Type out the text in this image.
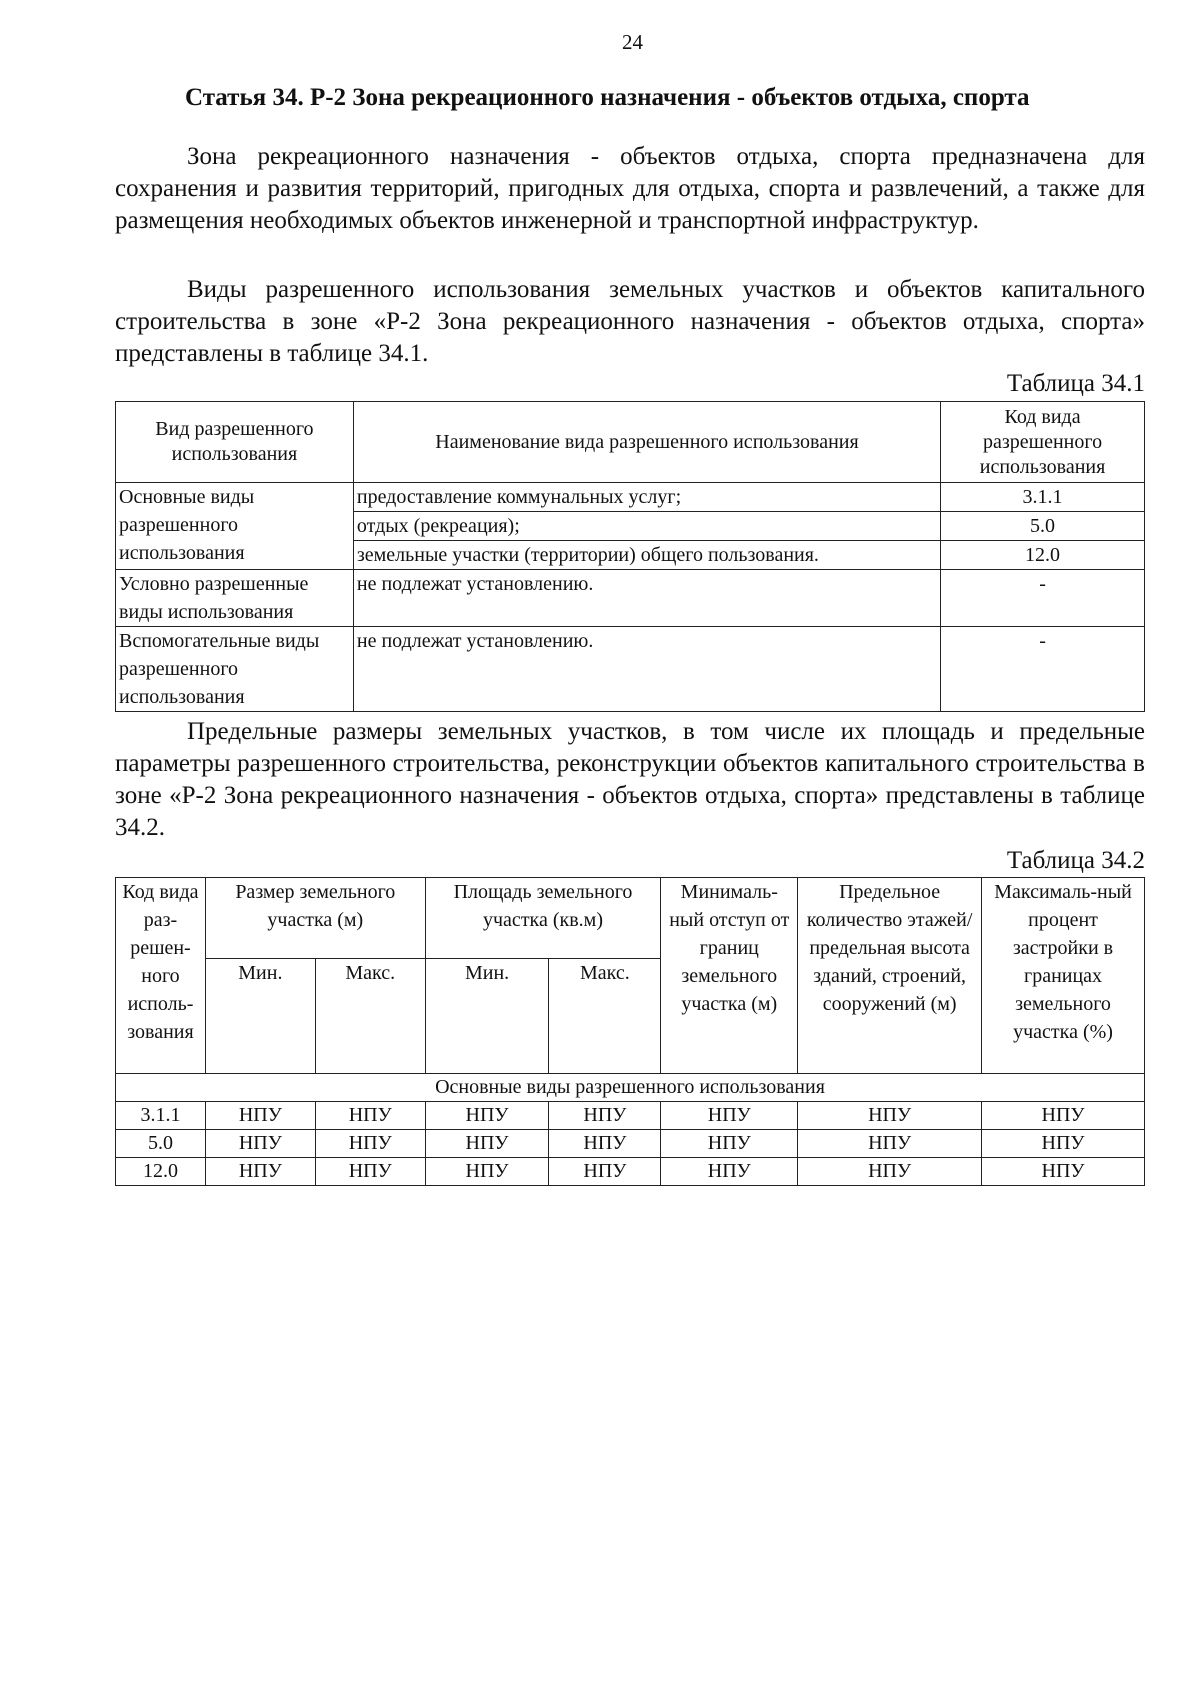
24
Статья 34. Р-2 Зона рекреационного назначения - объектов отдыха, спорта

Зона рекреационного назначения - объектов отдыха, спорта предназначена для сохранения и развития территорий, пригодных для отдыха, спорта и развлечений, а также для размещения необходимых объектов инженерной и транспортной инфраструктур.

Виды разрешенного использования земельных участков и объектов капитального строительства в зоне «Р-2 Зона рекреационного назначения - объектов отдыха, спорта» представлены в таблице 34.1.

Таблица 34.1
Вид разрешенного использования	Наименование вида разрешенного использования	Код вида разрешенного использования
Основные виды разрешенного использования	предоставление коммунальных услуг;	3.1.1
	отдых (рекреация);	5.0
	земельные участки (территории) общего пользования.	12.0
Условно разрешенные виды использования	не подлежат установлению.	-
Вспомогательные виды разрешенного использования	не подлежат установлению.	-

Предельные размеры земельных участков, в том числе их площадь и предельные параметры разрешенного строительства, реконструкции объектов капитального строительства в зоне «Р-2 Зона рекреационного назначения - объектов отдыха, спорта» представлены в таблице 34.2.

Таблица 34.2
Код вида раз-решен-ного исполь-зования	Размер земельного участка (м)		Площадь земельного участка (кв.м)		Минималь-ный отступ от границ земельного участка (м)	Предельное количество этажей/ предельная высота зданий, строений, сооружений (м)	Максималь-ный процент застройки в границах земельного участка (%)
	Мин.	Макс.	Мин.	Макс.			
Основные виды разрешенного использования							
3.1.1	НПУ	НПУ	НПУ	НПУ	НПУ	НПУ	НПУ
5.0	НПУ	НПУ	НПУ	НПУ	НПУ	НПУ	НПУ
12.0	НПУ	НПУ	НПУ	НПУ	НПУ	НПУ	НПУ
